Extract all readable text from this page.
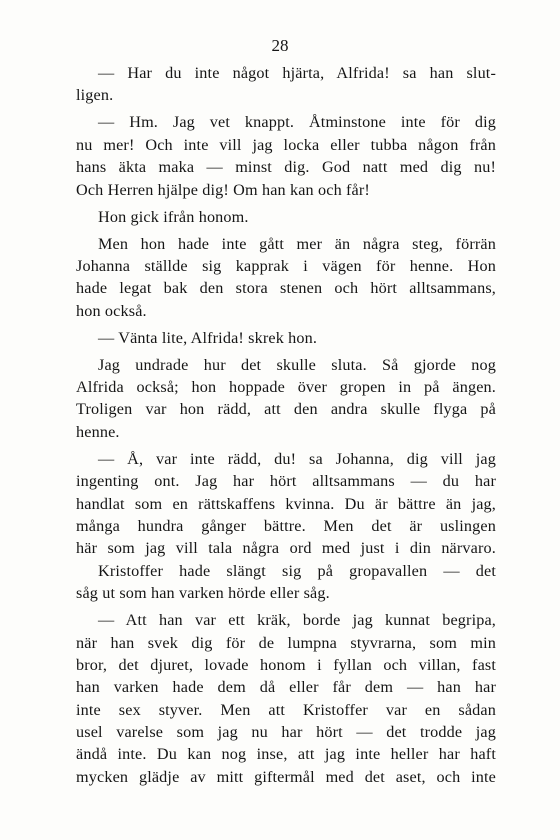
28
— Har du inte något hjärta, Alfrida! sa han slut-
ligen.
— Hm. Jag vet knappt. Åtminstone inte för dig
nu mer! Och inte vill jag locka eller tubba någon från
hans äkta maka — minst dig. God natt med dig nu!
Och Herren hjälpe dig! Om han kan och får!
Hon gick ifrån honom.
Men hon hade inte gått mer än några steg, förrän
Johanna ställde sig kapprak i vägen för henne. Hon
hade legat bak den stora stenen och hört alltsammans,
hon också.
— Vänta lite, Alfrida! skrek hon.
Jag undrade hur det skulle sluta. Så gjorde nog
Alfrida också; hon hoppade över gropen in på ängen.
Troligen var hon rädd, att den andra skulle flyga på
henne.
— Å, var inte rädd, du! sa Johanna, dig vill jag
ingenting ont. Jag har hört alltsammans — du har
handlat som en rättskaffens kvinna. Du är bättre än jag,
många hundra gånger bättre. Men det är uslingen
här som jag vill tala några ord med just i din närvaro.
Kristoffer hade slängt sig på gropavallen — det
såg ut som han varken hörde eller såg.
— Att han var ett kräk, borde jag kunnat begripa,
när han svek dig för de lumpna styvrarna, som min
bror, det djuret, lovade honom i fyllan och villan, fast
han varken hade dem då eller får dem — han har
inte sex styver. Men att Kristoffer var en sådan
usel varelse som jag nu har hört — det trodde jag
ändå inte. Du kan nog inse, att jag inte heller har haft
mycken glädje av mitt giftermål med det aset, och inte
